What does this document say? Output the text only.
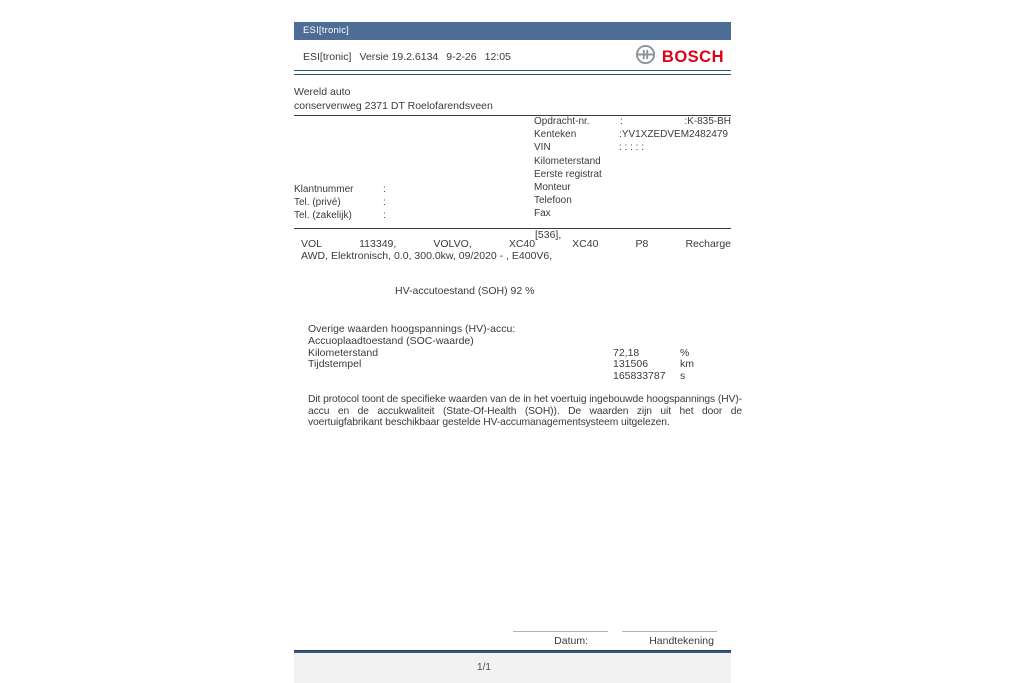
ESI[tronic]
ESI[tronic] Versie 19.2.6134 9-2-26 12:05	BOSCH
Wereld auto
conservenweg 2371 DT Roelofarendsveen
Opdracht-nr.	:	:K-835-BH
Kenteken	:YV1XZEDVEM2482479
VIN	: : : : :
Kilometerstand
Eerste registrat
Monteur
Telefoon
Fax
Klantnummer	:
Tel. (privé)	:
Tel. (zakelijk)	:
[536],
VOL	113349,	VOLVO,	XC40	XC40	P8	Recharge
AWD, Elektronisch, 0.0, 300.0kw, 09/2020 - , E400V6,
HV-accutoestand (SOH) 92 %
Overige waarden hoogspannings (HV)-accu:
Accuoplaadtoestand (SOC-waarde)
Kilometerstand	72,18	%
Tijdstempel	131506	km
165833787 s
Dit protocol toont de specifieke waarden van de in het voertuig ingebouwde hoogspannings (HV)-accu en de accukwaliteit (State-Of-Health (SOH)). De waarden zijn uit het door de voertuigfabrikant beschikbaar gestelde HV-accumanagementsysteem uitgelezen.
Datum:	Handtekening
1/1
